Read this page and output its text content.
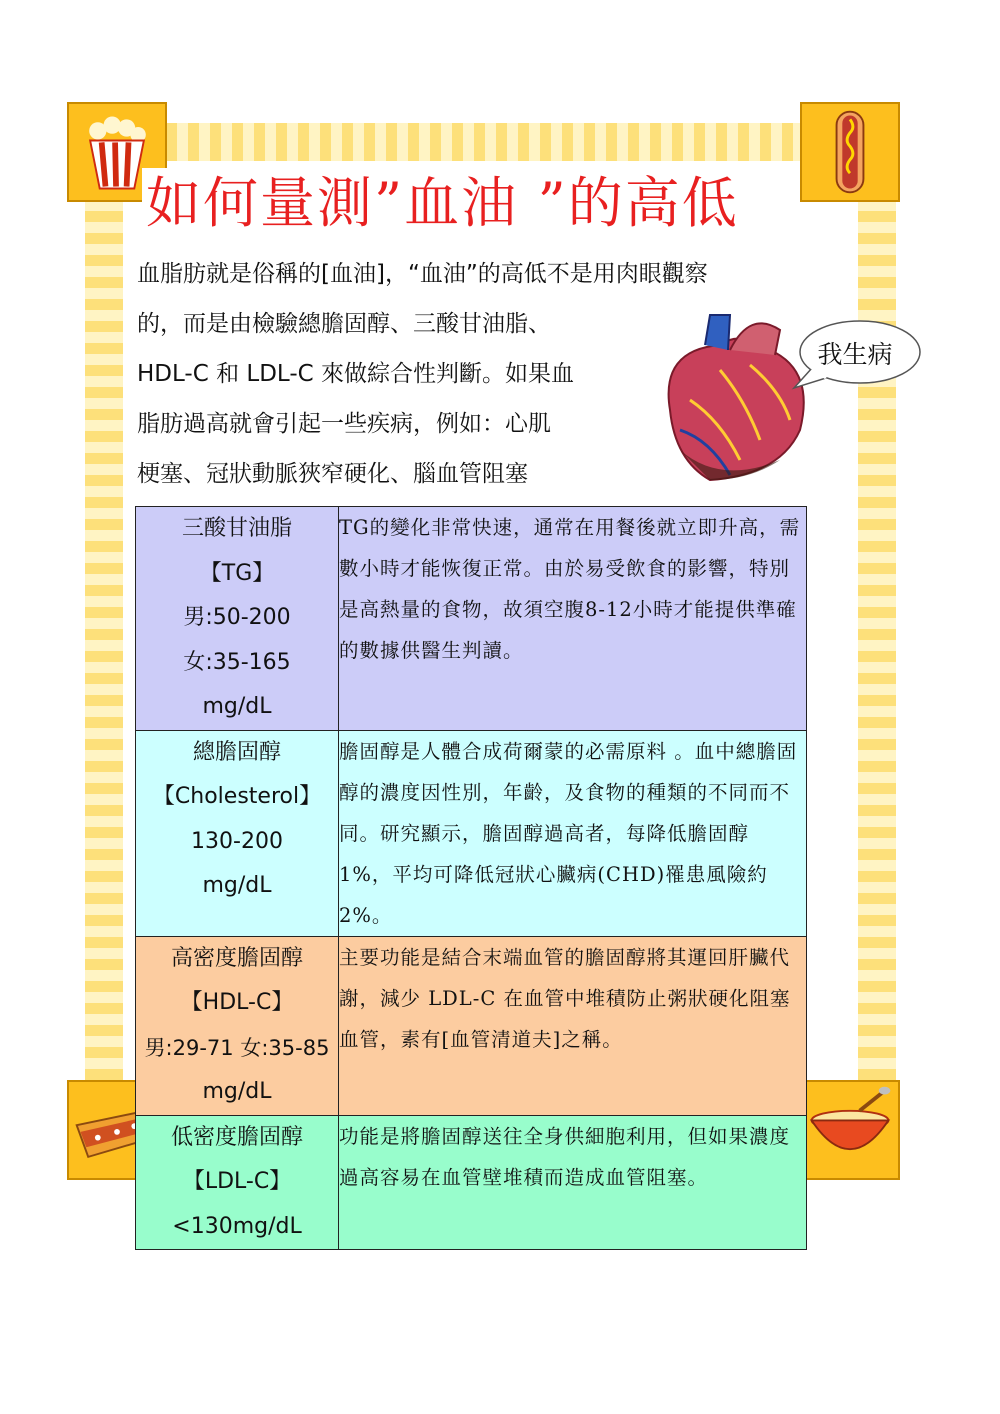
如何量測”血油 ”的高低
血脂肪就是俗稱的[血油]，“血油”的高低不是用肉眼觀察
的，而是由檢驗總膽固醇、三酸甘油脂、
HDL-C 和 LDL-C 來做綜合性判斷。如果血
脂肪過高就會引起一些疾病，例如：心肌
梗塞、冠狀動脈狹窄硬化、腦血管阻塞
我生病
三酸甘油脂
【TG】
男:50-200
女:35-165
mg/dL	TG的變化非常快速，通常在用餐後就立即升高，需數小時才能恢復正常。由於易受飲食的影響，特別是高熱量的食物，故須空腹8-12小時才能提供準確的數據供醫生判讀。

總膽固醇
【Cholesterol】
130-200
mg/dL	膽固醇是人體合成荷爾蒙的必需原料 。血中總膽固醇的濃度因性別，年齡，及食物的種類的不同而不同。研究顯示，膽固醇過高者，每降低膽固醇 1%，平均可降低冠狀心臟病(CHD)罹患風險約 2%。

高密度膽固醇
【HDL-C】
男:29-71 女:35-85
mg/dL	主要功能是結合末端血管的膽固醇將其運回肝臟代謝，減少 LDL-C 在血管中堆積防止粥狀硬化阻塞血管，素有[血管清道夫]之稱。

低密度膽固醇
【LDL-C】
<130mg/dL	功能是將膽固醇送往全身供細胞利用，但如果濃度過高容易在血管壁堆積而造成血管阻塞。
